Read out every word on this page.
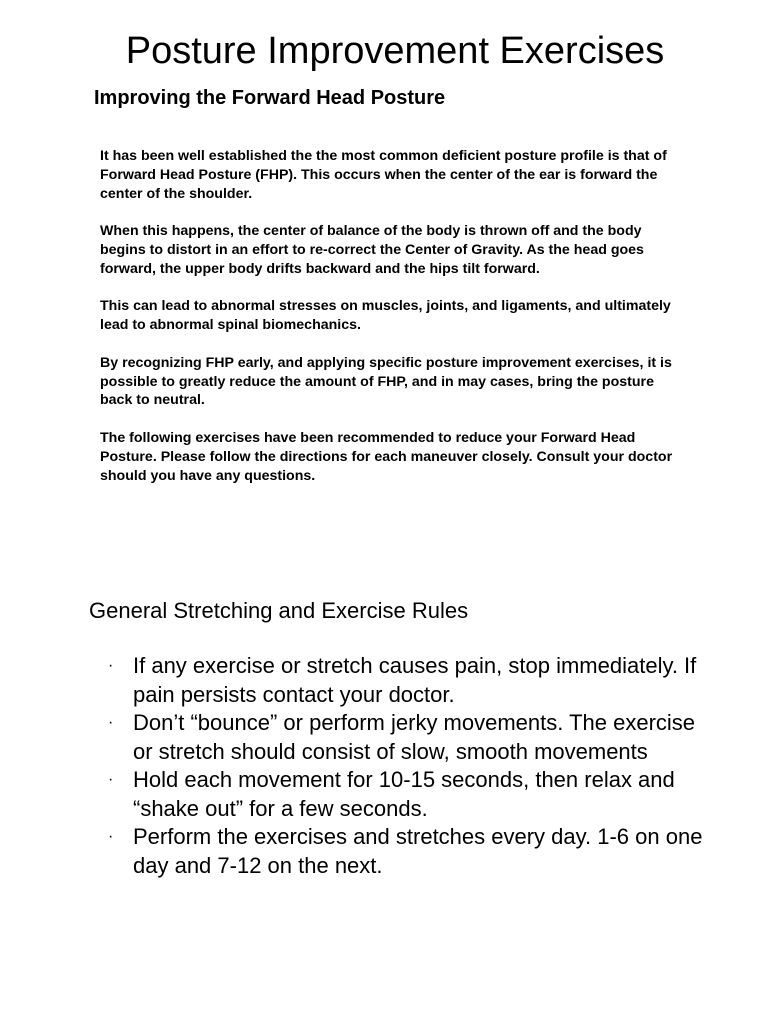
Posture Improvement Exercises
Improving the Forward Head Posture

It has been well established the the most common deficient posture profile is that of Forward Head Posture (FHP). This occurs when the center of the ear is forward the center of the shoulder.

When this happens, the center of balance of the body is thrown off and the body begins to distort in an effort to re-correct the Center of Gravity. As the head goes forward, the upper body drifts backward and the hips tilt forward.

This can lead to abnormal stresses on muscles, joints, and ligaments, and ultimately lead to abnormal spinal biomechanics.

By recognizing FHP early, and applying specific posture improvement exercises, it is possible to greatly reduce the amount of FHP, and in may cases, bring the posture back to neutral.

The following exercises have been recommended to reduce your Forward Head Posture. Please follow the directions for each maneuver closely. Consult your doctor should you have any questions.

General Stretching and Exercise Rules
· If any exercise or stretch causes pain, stop immediately. If pain persists contact your doctor.
· Don’t “bounce” or perform jerky movements. The exercise or stretch should consist of slow, smooth movements
· Hold each movement for 10-15 seconds, then relax and “shake out” for a few seconds.
· Perform the exercises and stretches every day. 1-6 on one day and 7-12 on the next.
